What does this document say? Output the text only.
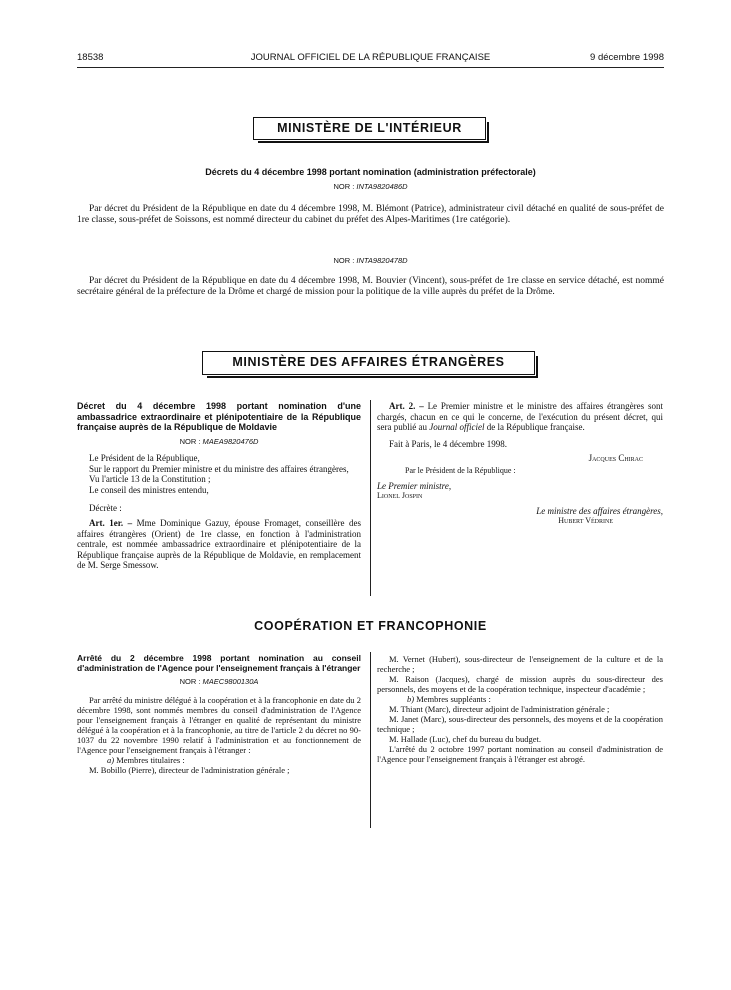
18538	JOURNAL OFFICIEL DE LA RÉPUBLIQUE FRANÇAISE	9 décembre 1998
MINISTÈRE DE L'INTÉRIEUR
Décrets du 4 décembre 1998 portant nomination (administration préfectorale)
NOR : INTA9820486D
Par décret du Président de la République en date du 4 décembre 1998, M. Blémont (Patrice), administrateur civil détaché en qualité de sous-préfet de 1re classe, sous-préfet de Soissons, est nommé directeur du cabinet du préfet des Alpes-Maritimes (1re catégorie).
NOR : INTA9820478D
Par décret du Président de la République en date du 4 décembre 1998, M. Bouvier (Vincent), sous-préfet de 1re classe en service détaché, est nommé secrétaire général de la préfecture de la Drôme et chargé de mission pour la politique de la ville auprès du préfet de la Drôme.
MINISTÈRE DES AFFAIRES ÉTRANGÈRES
Décret du 4 décembre 1998 portant nomination d'une ambassadrice extraordinaire et plénipotentiaire de la République française auprès de la République de Moldavie
NOR : MAEA9820476D

Le Président de la République,

Sur le rapport du Premier ministre et du ministre des affaires étrangères,

Vu l'article 13 de la Constitution ;

Le conseil des ministres entendu,

Décrète :

Art. 1er. – Mme Dominique Gazuy, épouse Fromaget, conseillère des affaires étrangères (Orient) de 1re classe, en fonction à l'administration centrale, est nommée ambassadrice extraordinaire et plénipotentiaire de la République française auprès de la République de Moldavie, en remplacement de M. Serge Smessow.

Art. 2. – Le Premier ministre et le ministre des affaires étrangères sont chargés, chacun en ce qui le concerne, de l'exécution du présent décret, qui sera publié au Journal officiel de la République française.

Fait à Paris, le 4 décembre 1998.

Jacques Chirac

Par le Président de la République :

Le Premier ministre,

Lionel Jospin

Le ministre des affaires étrangères,

Hubert Védrine

COOPÉRATION ET FRANCOPHONIE
Arrêté du 2 décembre 1998 portant nomination au conseil d'administration de l'Agence pour l'enseignement français à l'étranger
NOR : MAEC9800130A

Par arrêté du ministre délégué à la coopération et à la francophonie en date du 2 décembre 1998, sont nommés membres du conseil d'administration de l'Agence pour l'enseignement français à l'étranger en qualité de représentant du ministre délégué à la coopération et à la francophonie, au titre de l'article 2 du décret no 90-1037 du 22 novembre 1990 relatif à l'administration et au fonctionnement de l'Agence pour l'enseignement français à l'étranger :

a) Membres titulaires :

M. Bobillo (Pierre), directeur de l'administration générale ;

M. Vernet (Hubert), sous-directeur de l'enseignement de la culture et de la recherche ;

M. Raison (Jacques), chargé de mission auprès du sous-directeur des personnels, des moyens et de la coopération technique, inspecteur d'académie ;

b) Membres suppléants :

M. Thiant (Marc), directeur adjoint de l'administration générale ;

M. Janet (Marc), sous-directeur des personnels, des moyens et de la coopération technique ;

M. Hallade (Luc), chef du bureau du budget.

L'arrêté du 2 octobre 1997 portant nomination au conseil d'administration de l'Agence pour l'enseignement français à l'étranger est abrogé.
